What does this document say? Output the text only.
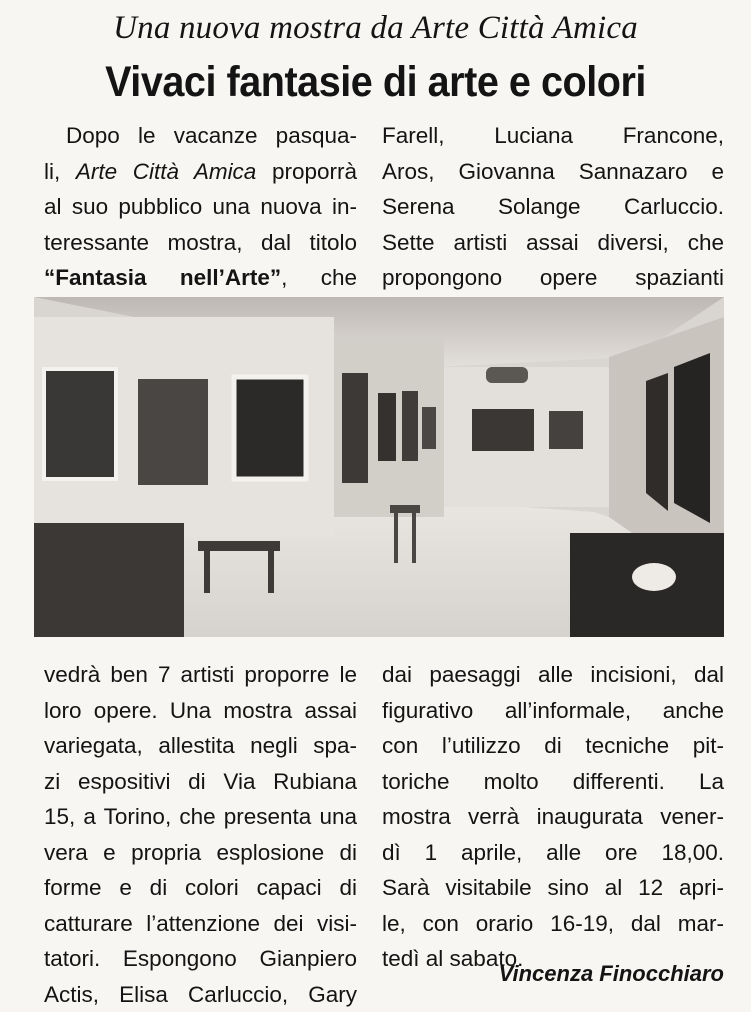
Una nuova mostra da Arte Città Amica
Vivaci fantasie di arte e colori
Dopo le vacanze pasqua-
li, Arte Città Amica proporrà
al suo pubblico una nuova in-
teressante mostra, dal titolo
“Fantasia nell’Arte”, che
Farell, Luciana Francone,
Aros, Giovanna Sannazaro e
Serena Solange Carluccio.
Sette artisti assai diversi, che
propongono opere spazianti
vedrà ben 7 artisti proporre le
loro opere. Una mostra assai
variegata, allestita negli spa-
zi espositivi di Via Rubiana
15, a Torino, che presenta una
vera e propria esplosione di
forme e di colori capaci di
catturare l’attenzione dei visi-
tatori. Espongono Gianpiero
Actis, Elisa Carluccio, Gary
dai paesaggi alle incisioni, dal
figurativo all’informale, anche
con l’utilizzo di tecniche pit-
toriche molto differenti. La
mostra verrà inaugurata vener-
dì 1 aprile, alle ore 18,00.
Sarà visitabile sino al 12 apri-
le, con orario 16-19, dal mar-
tedì al sabato.
Vincenza Finocchiaro
